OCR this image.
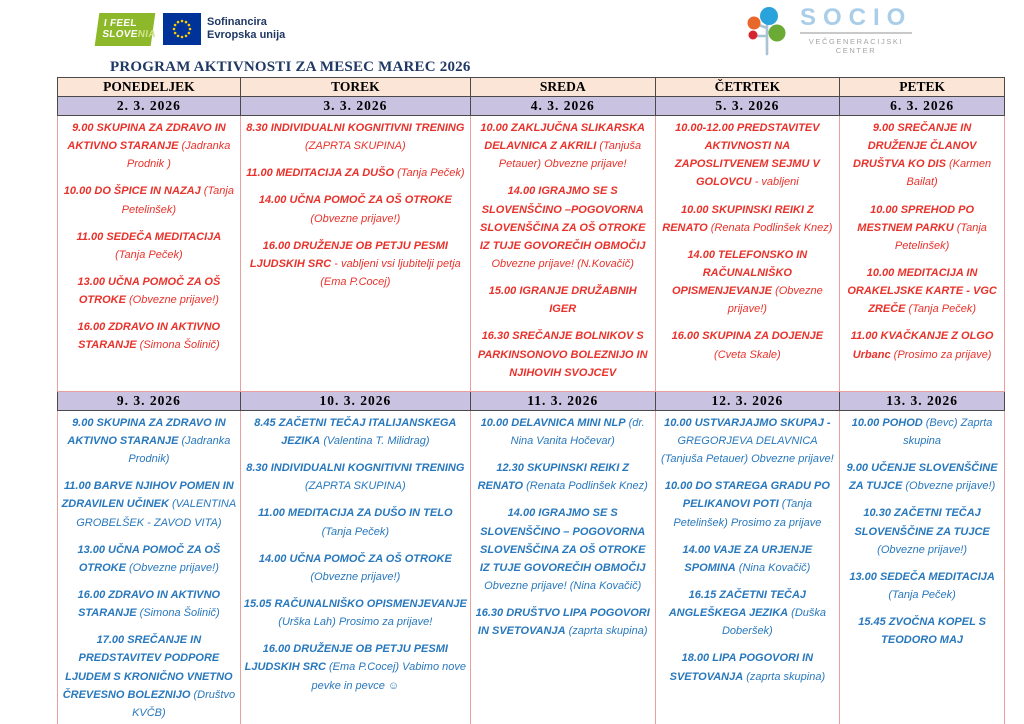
I FEEL
SLOVENIA
Sofinancira
Evropska unija
SOCIO
VEČGENERACIJSKI
CENTER
PROGRAM AKTIVNOSTI ZA MESEC MAREC 2026
PONEDELJEK	TOREK	SREDA	ČETRTEK	PETEK
2. 3. 2026	3. 3. 2026	4. 3. 2026	5. 3. 2026	6. 3. 2026

9.00 SKUPINA ZA ZDRAVO IN AKTIVNO STARANJE (Jadranka Prodnik )
10.00 DO ŠPICE IN NAZAJ (Tanja Petelinšek)
11.00 SEDEČA MEDITACIJA (Tanja Peček)
13.00 UČNA POMOČ ZA OŠ OTROKE (Obvezne prijave!)
16.00 ZDRAVO IN AKTIVNO STARANJE (Simona Šolinič)

8.30 INDIVIDUALNI KOGNITIVNI TRENING (ZAPRTA SKUPINA)
11.00 MEDITACIJA ZA DUŠO (Tanja Peček)
14.00 UČNA POMOČ ZA OŠ OTROKE (Obvezne prijave!)
16.00 DRUŽENJE OB PETJU PESMI LJUDSKIH SRC - vabljeni vsi ljubitelji petja (Ema P.Cocej)

10.00 ZAKLJUČNA SLIKARSKA DELAVNICA Z AKRILI (Tanjuša Petauer) Obvezne prijave!
14.00 IGRAJMO SE S SLOVENŠČINO –POGOVORNA SLOVENŠČINA ZA OŠ OTROKE IZ TUJE GOVOREČIH OBMOČIJ Obvezne prijave! (N.Kovačič)
15.00 IGRANJE DRUŽABNIH IGER
16.30 SREČANJE BOLNIKOV S PARKINSONOVO BOLEZNIJO IN NJIHOVIH SVOJCEV

10.00-12.00 PREDSTAVITEV AKTIVNOSTI NA ZAPOSLITVENEM SEJMU V GOLOVCU - vabljeni
10.00 SKUPINSKI REIKI Z RENATO (Renata Podlinšek Knez)
14.00 TELEFONSKO IN RAČUNALNIŠKO OPISMENJEVANJE (Obvezne prijave!)
16.00 SKUPINA ZA DOJENJE (Cveta Skale)

9.00 SREČANJE IN DRUŽENJE ČLANOV DRUŠTVA KO DIS (Karmen Bailat)
10.00 SPREHOD PO MESTNEM PARKU (Tanja Petelinšek)
10.00 MEDITACIJA IN ORAKELJSKE KARTE - VGC ZREČE (Tanja Peček)
11.00 KVAČKANJE Z OLGO Urbanc (Prosimo za prijave)

9. 3. 2026	10. 3. 2026	11. 3. 2026	12. 3. 2026	13. 3. 2026

9.00 SKUPINA ZA ZDRAVO IN AKTIVNO STARANJE (Jadranka Prodnik)
11.00 BARVE NJIHOV POMEN IN ZDRAVILEN UČINEK (VALENTINA GROBELŠEK - ZAVOD VITA)
13.00 UČNA POMOČ ZA OŠ OTROKE (Obvezne prijave!)
16.00 ZDRAVO IN AKTIVNO STARANJE (Simona Šolinič)
17.00 SREČANJE IN PREDSTAVITEV PODPORE LJUDEM S KRONIČNO VNETNO ČREVESNO BOLEZNIJO (Društvo KVČB)

8.45 ZAČETNI TEČAJ ITALIJANSKEGA JEZIKA (Valentina T. Milidrag)
8.30 INDIVIDUALNI KOGNITIVNI TRENING (ZAPRTA SKUPINA)
11.00 MEDITACIJA ZA DUŠO IN TELO (Tanja Peček)
14.00 UČNA POMOČ ZA OŠ OTROKE (Obvezne prijave!)
15.05 RAČUNALNIŠKO OPISMENJEVANJE (Urška Lah) Prosimo za prijave!
16.00 DRUŽENJE OB PETJU PESMI LJUDSKIH SRC (Ema P.Cocej) Vabimo nove pevke in pevce ☺

10.00 DELAVNICA MINI NLP (dr. Nina Vanita Hočevar)
12.30 SKUPINSKI REIKI Z RENATO (Renata Podlinšek Knez)
14.00 IGRAJMO SE S SLOVENŠČINO – POGOVORNA SLOVENŠČINA ZA OŠ OTROKE IZ TUJE GOVOREČIH OBMOČIJ Obvezne prijave! (Nina Kovačič)
16.30 DRUŠTVO LIPA POGOVORI IN SVETOVANJA (zaprta skupina)

10.00 USTVARJAJMO SKUPAJ - GREGORJEVA DELAVNICA (Tanjuša Petauer) Obvezne prijave!
10.00 DO STAREGA GRADU PO PELIKANOVI POTI (Tanja Petelinšek) Prosimo za prijave
14.00 VAJE ZA URJENJE SPOMINA (Nina Kovačič)
16.15 ZAČETNI TEČAJ ANGLEŠKEGA JEZIKA (Duška Doberšek)
18.00 LIPA POGOVORI IN SVETOVANJA (zaprta skupina)

10.00 POHOD (Bevc) Zaprta skupina
9.00 UČENJE SLOVENŠČINE ZA TUJCE (Obvezne prijave!)
10.30 ZAČETNI TEČAJ SLOVENŠČINE ZA TUJCE (Obvezne prijave!)
13.00 SEDEČA MEDITACIJA (Tanja Peček)
15.45 ZVOČNA KOPEL S TEODORO MAJ
